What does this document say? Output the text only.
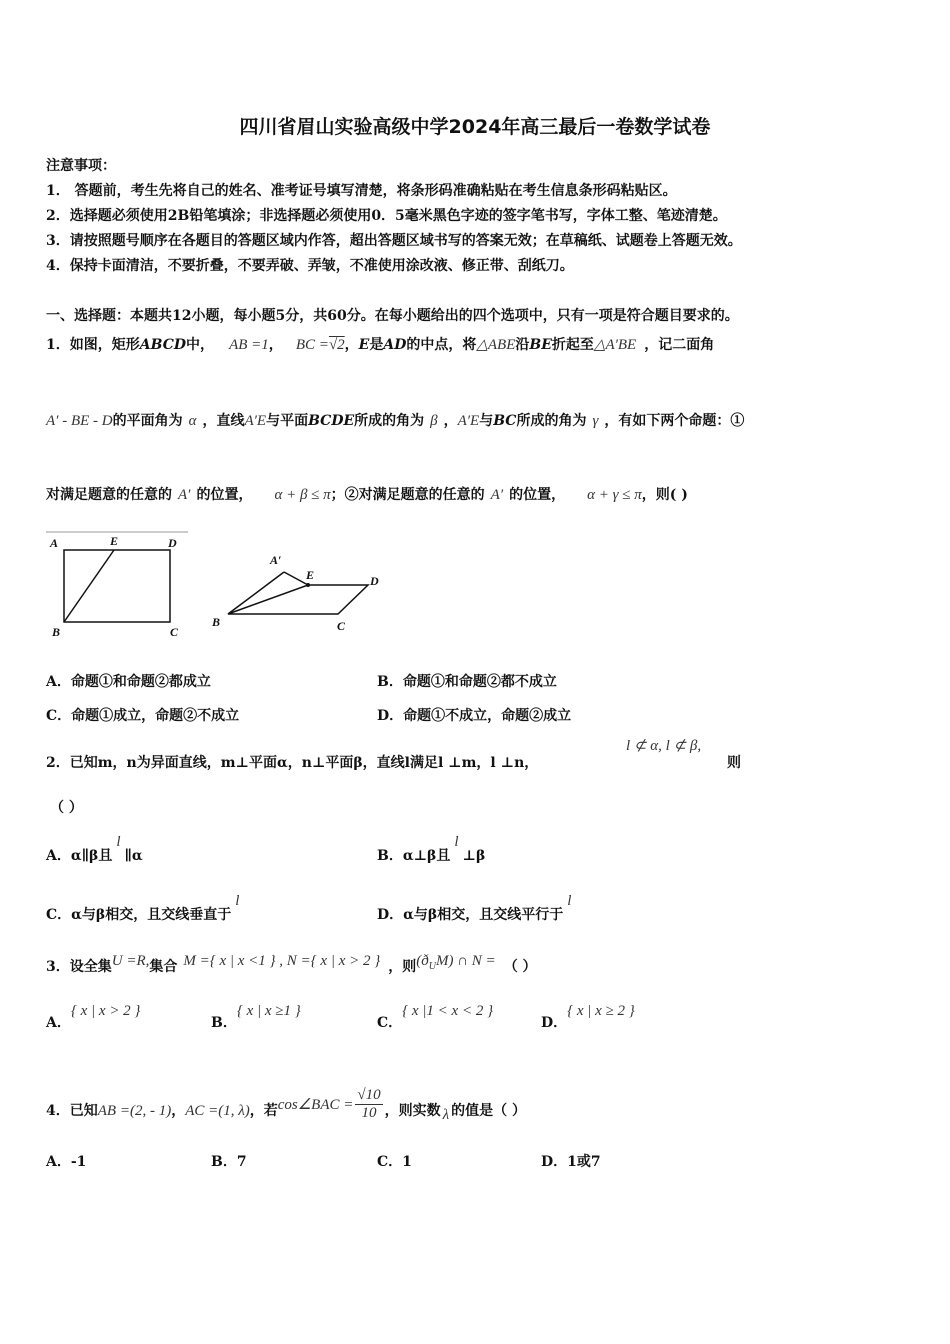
四川省眉山实验高级中学2024年高三最后一卷数学试卷
注意事项：
1． 答题前，考生先将自己的姓名、准考证号填写清楚，将条形码准确粘贴在考生信息条形码粘贴区。
2．选择题必须使用2B铅笔填涂；非选择题必须使用0．5毫米黑色字迹的签字笔书写，字体工整、笔迹清楚。
3．请按照题号顺序在各题目的答题区域内作答，超出答题区域书写的答案无效；在草稿纸、试题卷上答题无效。
4．保持卡面清洁，不要折叠，不要弄破、弄皱，不准使用涂改液、修正带、刮纸刀。
一、选择题：本题共12小题，每小题5分，共60分。在每小题给出的四个选项中，只有一项是符合题目要求的。
1．如图，矩形ABCD中， AB =1， BC =√2，E是AD的中点，将△ABE沿BE折起至△A′BE ，记二面角
A′ - BE - D的平面角为 α ，直线A′E与平面BCDE所成的角为 β ，A′E与BC所成的角为 γ ，有如下两个命题：①
对满足题意的任意的 A′ 的位置， α + β ≤ π；②对满足题意的任意的 A′ 的位置， α + γ ≤ π，则( )
A	E	D
B	C
A′
E	D
B	C
A．命题①和命题②都成立	B．命题①和命题②都不成立
C．命题①成立，命题②不成立	D．命题①不成立，命题②成立
2．已知m，n为异面直线，m⊥平面α，n⊥平面β，直线l满足l ⊥m，l ⊥n，
l ⊄ α, l ⊄ β,
则
（ ）
A．α∥β且l∥α	B．α⊥β且l⊥β
C．α与β相交，且交线垂直于l
D．α与β相交，且交线平行于l
3．设全集U =R,集合 M ={ x | x <1 } , N ={ x | x > 2 } ，则(ðUM) ∩ N = （ ）
A．{ x | x > 2 }
B．{ x | x ≥1 }
C．{ x |1 < x < 2 }
D．{ x | x ≥ 2 }
4．已知AB =(2, - 1)，AC =(1, λ)，若cos∠BAC = $\frac{√10}{10}$ ，则实数 λ 的值是（ ）
A．-1	B．7	C．1	D．1或7
